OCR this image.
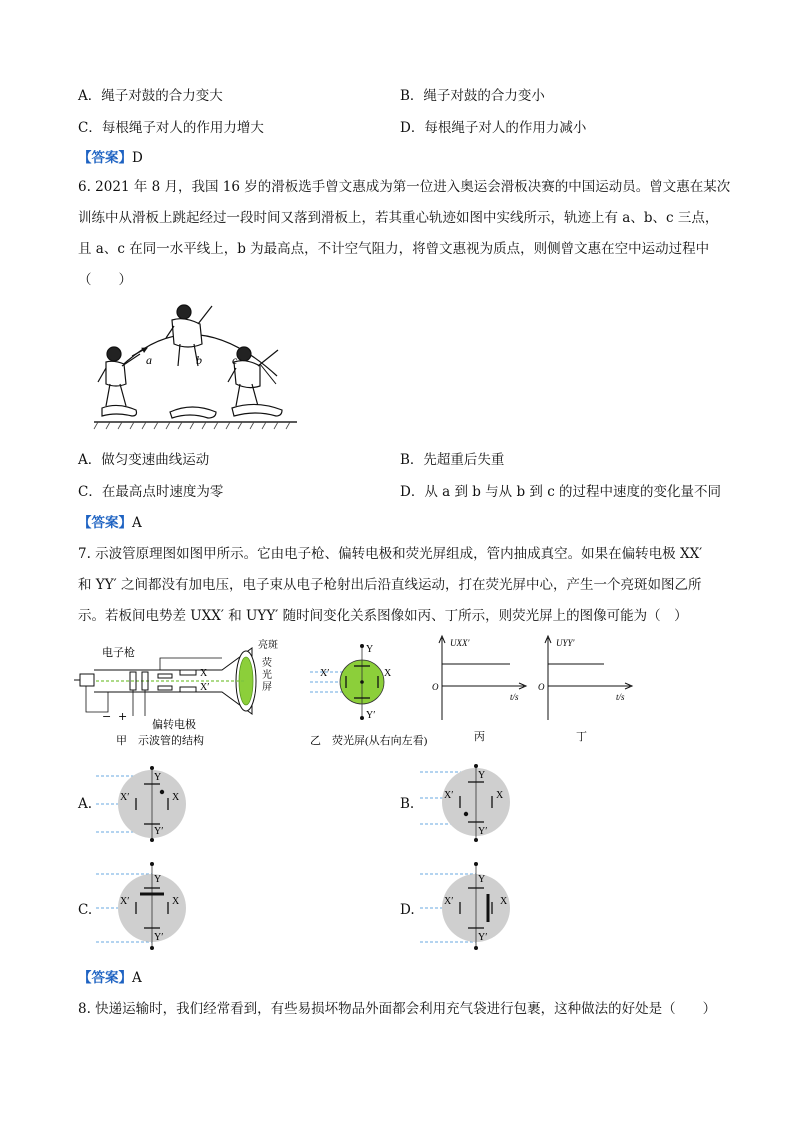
A．绳子对鼓的合力变大	B．绳子对鼓的合力变小
C．每根绳子对人的作用力增大	D．每根绳子对人的作用力减小
【答案】D
6. 2021 年 8 月，我国 16 岁的滑板选手曾文惠成为第一位进入奥运会滑板决赛的中国运动员。曾文惠在某次
训练中从滑板上跳起经过一段时间又落到滑板上，若其重心轨迹如图中实线所示，轨迹上有 a、b、c 三点，
且 a、c 在同一水平线上，b 为最高点，不计空气阻力，将曾文惠视为质点，则侧曾文惠在空中运动过程中
（　　）
a	b	c
A．做匀变速曲线运动	B．先超重后失重
C．在最高点时速度为零	D．从 a 到 b 与从 b 到 c 的过程中速度的变化量不同
【答案】A
7. 示波管原理图如图甲所示。它由电子枪、偏转电极和荧光屏组成，管内抽成真空。如果在偏转电极 XX′
和 YY′ 之间都没有加电压，电子束从电子枪射出后沿直线运动，打在荧光屏中心，产生一个亮斑如图乙所
示。若板间电势差 UXX′ 和 UYY′ 随时间变化关系图像如丙、丁所示，则荧光屏上的图像可能为（　）
电子枪
亮斑
荧
光
屏
X
X′
− +
偏转电极
甲　示波管的结构
Y
Y′
X′	X
乙　荧光屏(从右向左看)
UXX′
O
t/s
丙
UYY′
O
t/s
丁
A.
Y
Y′
X′	X	B.
Y
Y′
X′	X
C.
Y
Y′
X′	X
D.
Y
Y′
X′	X
【答案】A
8. 快递运输时，我们经常看到，有些易损坏物品外面都会利用充气袋进行包裹，这种做法的好处是（　　）
